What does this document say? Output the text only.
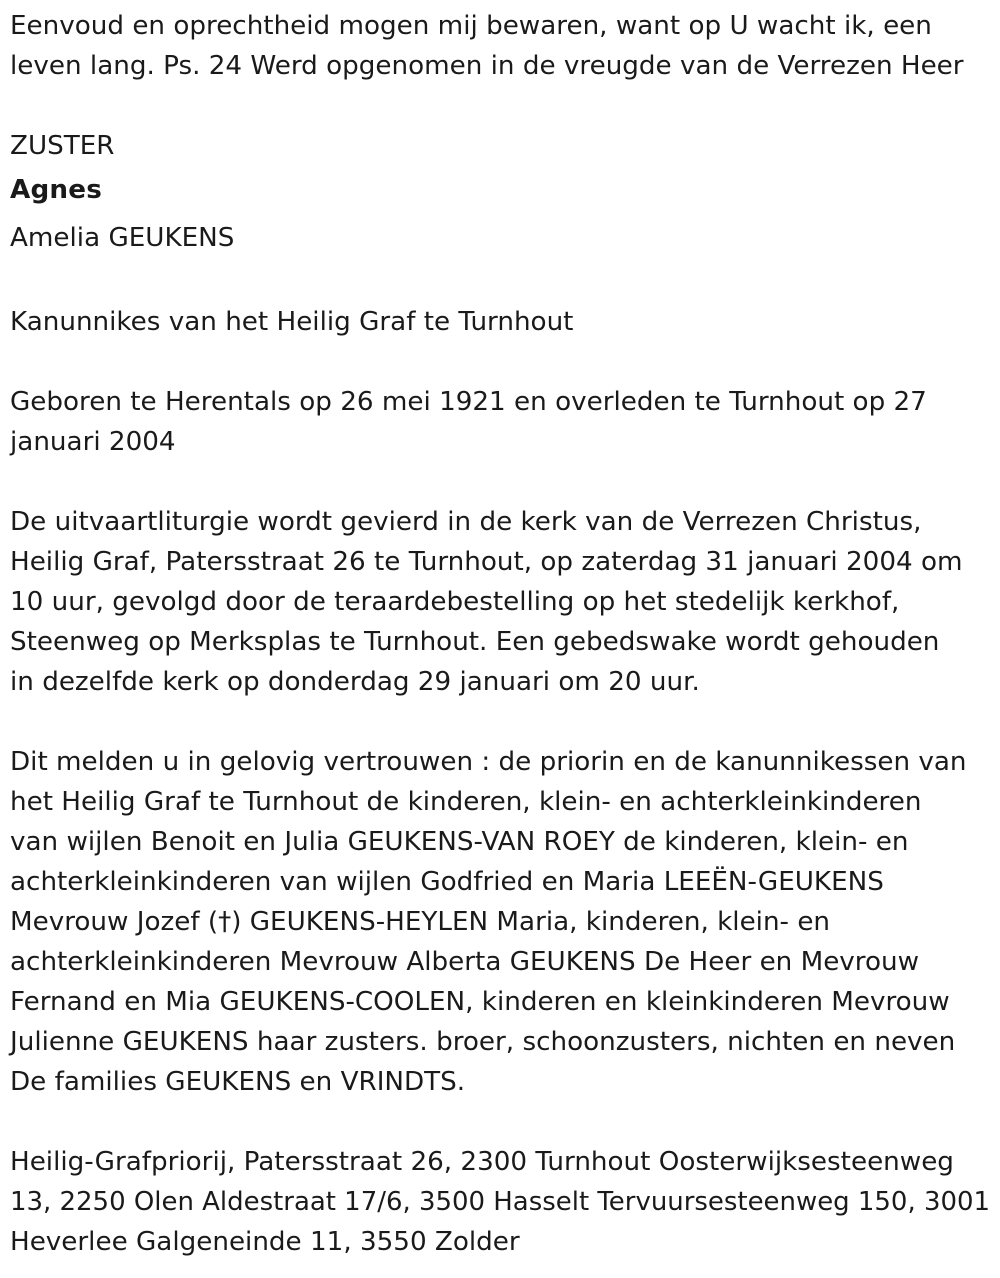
Eenvoud en oprechtheid mogen mij bewaren, want op U wacht ik, een
leven lang. Ps. 24 Werd opgenomen in de vreugde van de Verrezen Heer
ZUSTER
Agnes
Amelia GEUKENS
Kanunnikes van het Heilig Graf te Turnhout
Geboren te Herentals op 26 mei 1921 en overleden te Turnhout op 27
januari 2004
De uitvaartliturgie wordt gevierd in de kerk van de Verrezen Christus,
Heilig Graf, Patersstraat 26 te Turnhout, op zaterdag 31 januari 2004 om
10 uur, gevolgd door de teraardebestelling op het stedelijk kerkhof,
Steenweg op Merksplas te Turnhout. Een gebedswake wordt gehouden
in dezelfde kerk op donderdag 29 januari om 20 uur.
Dit melden u in gelovig vertrouwen : de priorin en de kanunnikessen van
het Heilig Graf te Turnhout de kinderen, klein- en achterkleinkinderen
van wijlen Benoit en Julia GEUKENS-VAN ROEY de kinderen, klein- en
achterkleinkinderen van wijlen Godfried en Maria LEEËN-GEUKENS
Mevrouw Jozef (†) GEUKENS-HEYLEN Maria, kinderen, klein- en
achterkleinkinderen Mevrouw Alberta GEUKENS De Heer en Mevrouw
Fernand en Mia GEUKENS-COOLEN, kinderen en kleinkinderen Mevrouw
Julienne GEUKENS haar zusters. broer, schoonzusters, nichten en neven
De families GEUKENS en VRINDTS.
Heilig-Grafpriorij, Patersstraat 26, 2300 Turnhout Oosterwijksesteenweg
13, 2250 Olen Aldestraat 17/6, 3500 Hasselt Tervuursesteenweg 150, 3001
Heverlee Galgeneinde 11, 3550 Zolder
